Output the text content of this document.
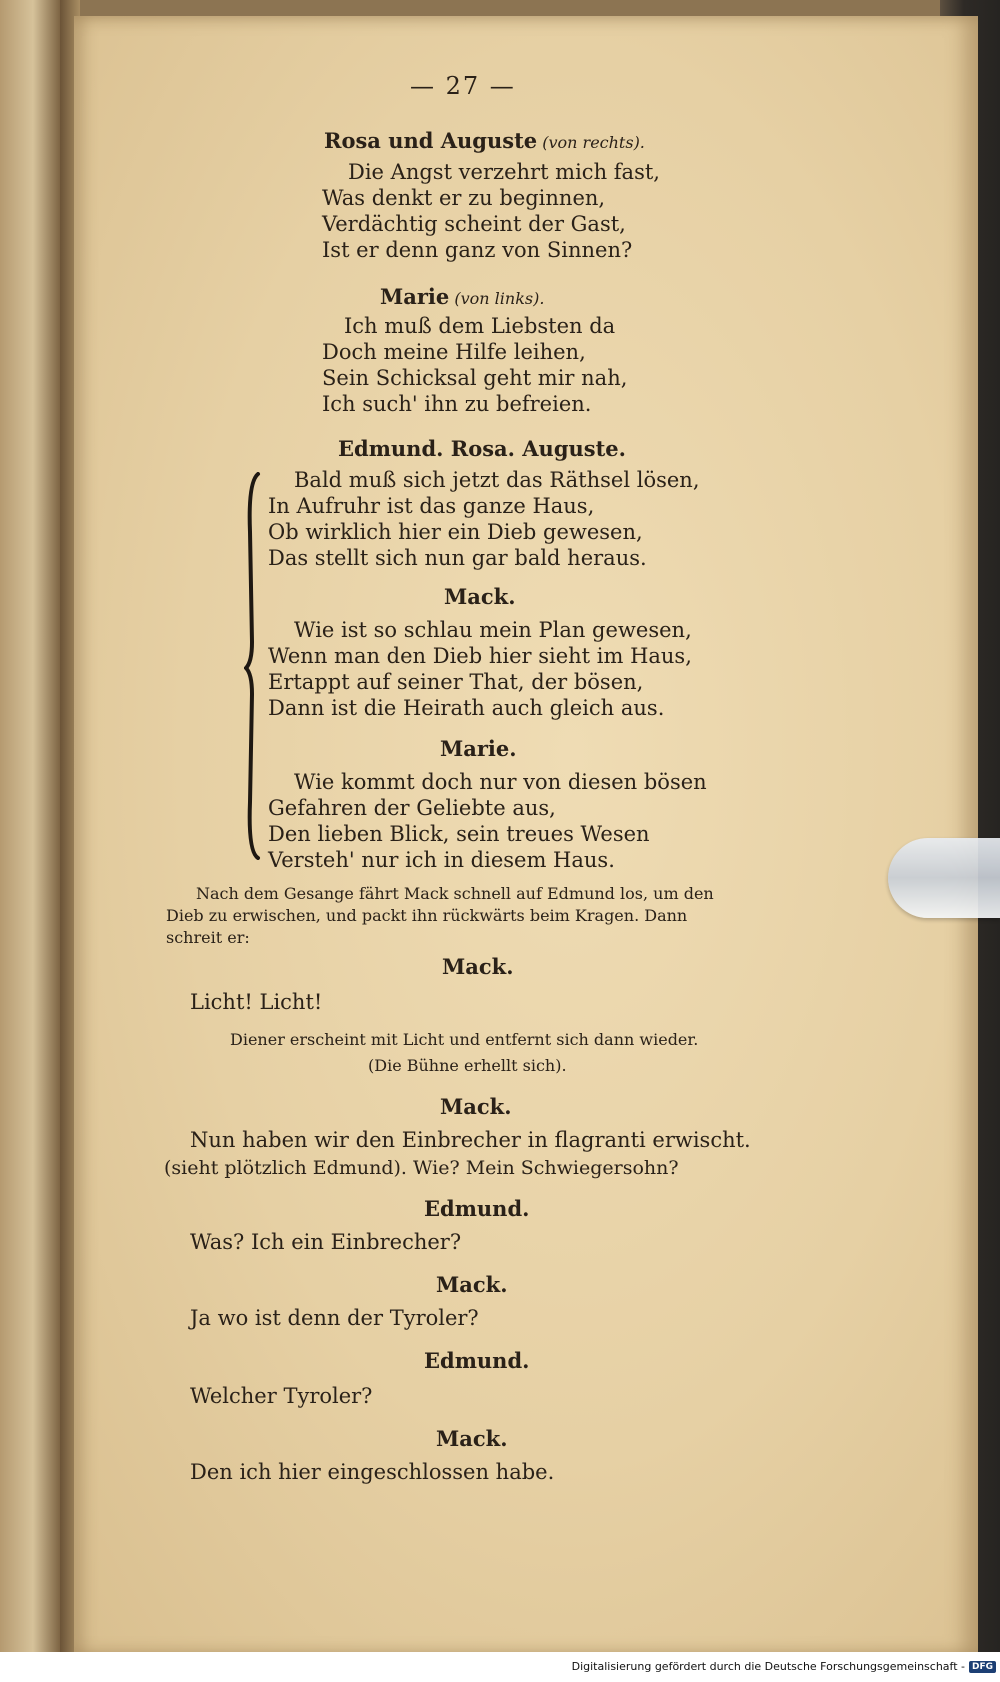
— 27 —
Rosa und Auguste (von rechts).
Die Angst verzehrt mich fast,
Was denkt er zu beginnen,
Verdächtig scheint der Gast,
Ist er denn ganz von Sinnen?
Marie (von links).
Ich muß dem Liebsten da
Doch meine Hilfe leihen,
Sein Schicksal geht mir nah,
Ich such' ihn zu befreien.
Edmund. Rosa. Auguste.
Bald muß sich jetzt das Räthsel lösen,
In Aufruhr ist das ganze Haus,
Ob wirklich hier ein Dieb gewesen,
Das stellt sich nun gar bald heraus.
Mack.
Wie ist so schlau mein Plan gewesen,
Wenn man den Dieb hier sieht im Haus,
Ertappt auf seiner That, der bösen,
Dann ist die Heirath auch gleich aus.
Marie.
Wie kommt doch nur von diesen bösen
Gefahren der Geliebte aus,
Den lieben Blick, sein treues Wesen
Versteh' nur ich in diesem Haus.
Nach dem Gesange fährt Mack schnell auf Edmund los, um den
Dieb zu erwischen, und packt ihn rückwärts beim Kragen. Dann
schreit er:
Mack.
Licht! Licht!
Diener erscheint mit Licht und entfernt sich dann wieder.
(Die Bühne erhellt sich).
Mack.
Nun haben wir den Einbrecher in flagranti erwischt.
(sieht plötzlich Edmund). Wie? Mein Schwiegersohn?
Edmund.
Was? Ich ein Einbrecher?
Mack.
Ja wo ist denn der Tyroler?
Edmund.
Welcher Tyroler?
Mack.
Den ich hier eingeschlossen habe.
Digitalisierung gefördert durch die Deutsche Forschungsgemeinschaft - DFG
